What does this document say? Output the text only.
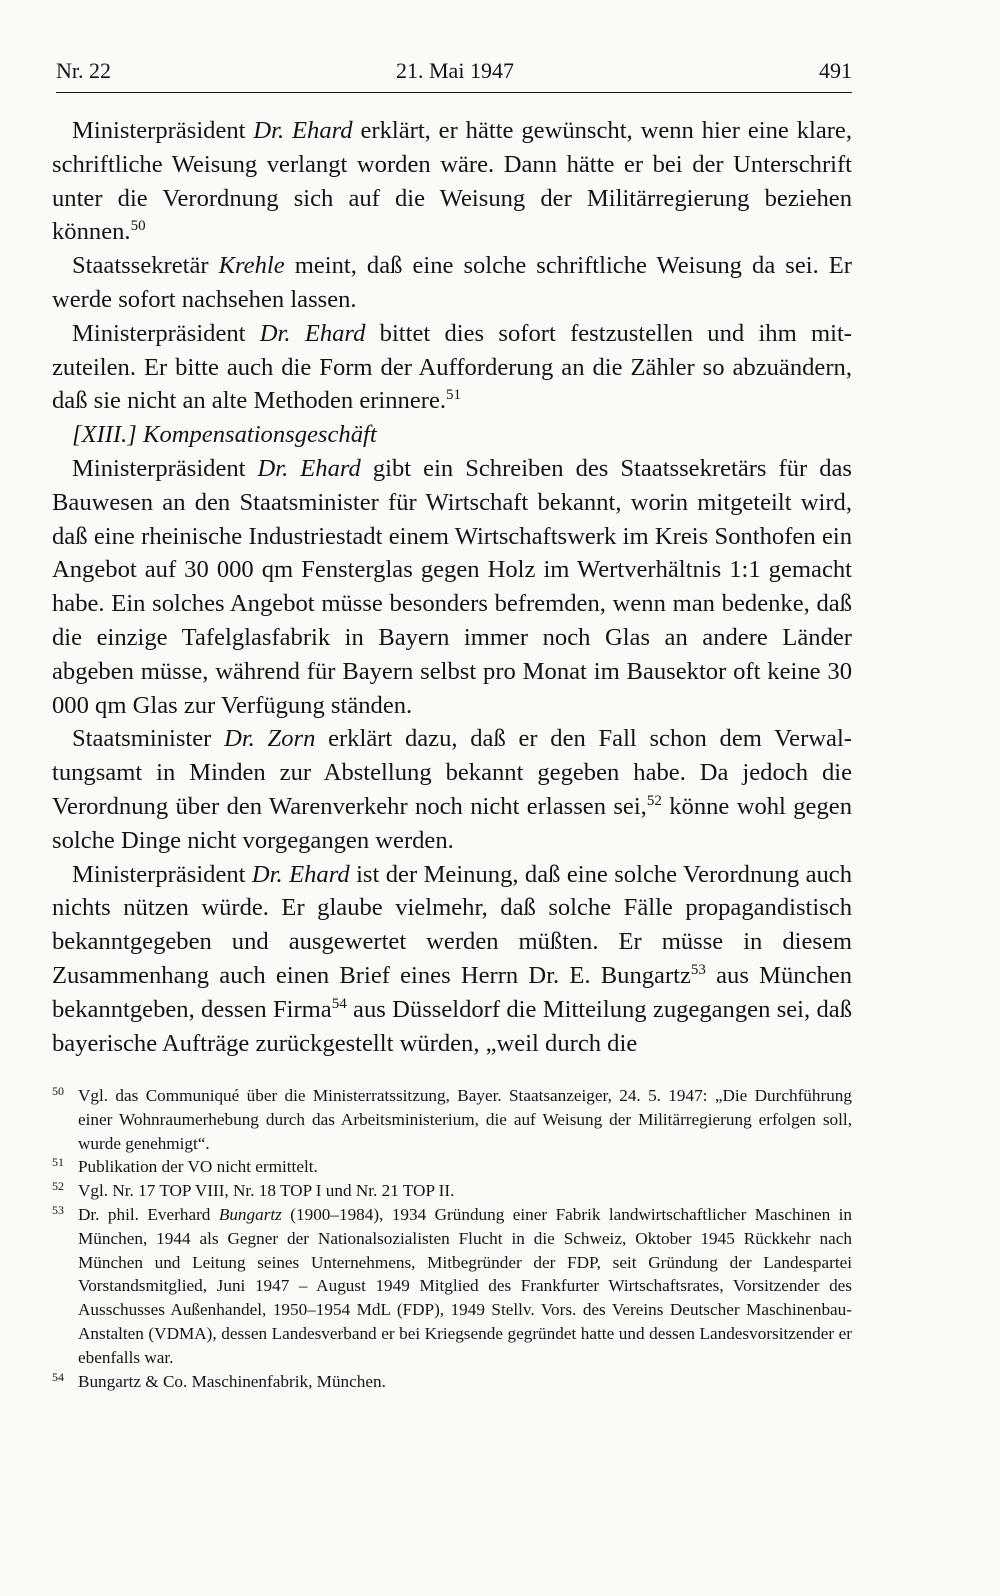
Nr. 22	21. Mai 1947	491

Ministerpräsident Dr. Ehard erklärt, er hätte gewünscht, wenn hier eine klare, schriftliche Weisung verlangt worden wäre. Dann hätte er bei der Unterschrift unter die Verordnung sich auf die Weisung der Militärregierung beziehen können.$^{50}$

Staatssekretär Krehle meint, daß eine solche schriftliche Weisung da sei. Er werde sofort nachsehen lassen.

Ministerpräsident Dr. Ehard bittet dies sofort festzustellen und ihm mitzuteilen. Er bitte auch die Form der Aufforderung an die Zähler so abzuändern, daß sie nicht an alte Methoden erinnere.$^{51}$

[XIII.] Kompensationsgeschäft

Ministerpräsident Dr. Ehard gibt ein Schreiben des Staatssekretärs für das Bauwesen an den Staatsminister für Wirtschaft bekannt, worin mitgeteilt wird, daß eine rheinische Industriestadt einem Wirtschaftswerk im Kreis Sonthofen ein Angebot auf 30 000 qm Fensterglas gegen Holz im Wertverhältnis 1:1 gemacht habe. Ein solches Angebot müsse besonders befremden, wenn man bedenke, daß die einzige Tafelglasfabrik in Bayern immer noch Glas an andere Länder abgeben müsse, während für Bayern selbst pro Monat im Bausektor oft keine 30 000 qm Glas zur Verfügung ständen.

Staatsminister Dr. Zorn erklärt dazu, daß er den Fall schon dem Verwaltungsamt in Minden zur Abstellung bekannt gegeben habe. Da jedoch die Verordnung über den Warenverkehr noch nicht erlassen sei,$^{52}$ könne wohl gegen solche Dinge nicht vorgegangen werden.

Ministerpräsident Dr. Ehard ist der Meinung, daß eine solche Verordnung auch nichts nützen würde. Er glaube vielmehr, daß solche Fälle propagandistisch bekanntgegeben und ausgewertet werden müßten. Er müsse in diesem Zusammenhang auch einen Brief eines Herrn Dr. E. Bungartz$^{53}$ aus München bekanntgeben, dessen Firma$^{54}$ aus Düsseldorf die Mitteilung zugegangen sei, daß bayerische Aufträge zurückgestellt würden, „weil durch die

50 Vgl. das Communiqué über die Ministerratssitzung, Bayer. Staatsanzeiger, 24. 5. 1947: „Die Durchführung einer Wohnraumerhebung durch das Arbeitsministerium, die auf Weisung der Militärregierung erfolgen soll, wurde genehmigt“.

51 Publikation der VO nicht ermittelt.

52 Vgl. Nr. 17 TOP VIII, Nr. 18 TOP I und Nr. 21 TOP II.

53 Dr. phil. Everhard Bungartz (1900–1984), 1934 Gründung einer Fabrik landwirtschaftlicher Maschinen in München, 1944 als Gegner der Nationalsozialisten Flucht in die Schweiz, Oktober 1945 Rückkehr nach München und Leitung seines Unternehmens, Mitbegründer der FDP, seit Gründung der Landespartei Vorstandsmitglied, Juni 1947 – August 1949 Mitglied des Frankfurter Wirtschaftsrates, Vorsitzender des Ausschusses Außenhandel, 1950–1954 MdL (FDP), 1949 Stellv. Vors. des Vereins Deutscher Maschinenbau-Anstalten (VDMA), dessen Landesverband er bei Kriegsende gegründet hatte und dessen Landesvorsitzender er ebenfalls war.

54 Bungartz & Co. Maschinenfabrik, München.
